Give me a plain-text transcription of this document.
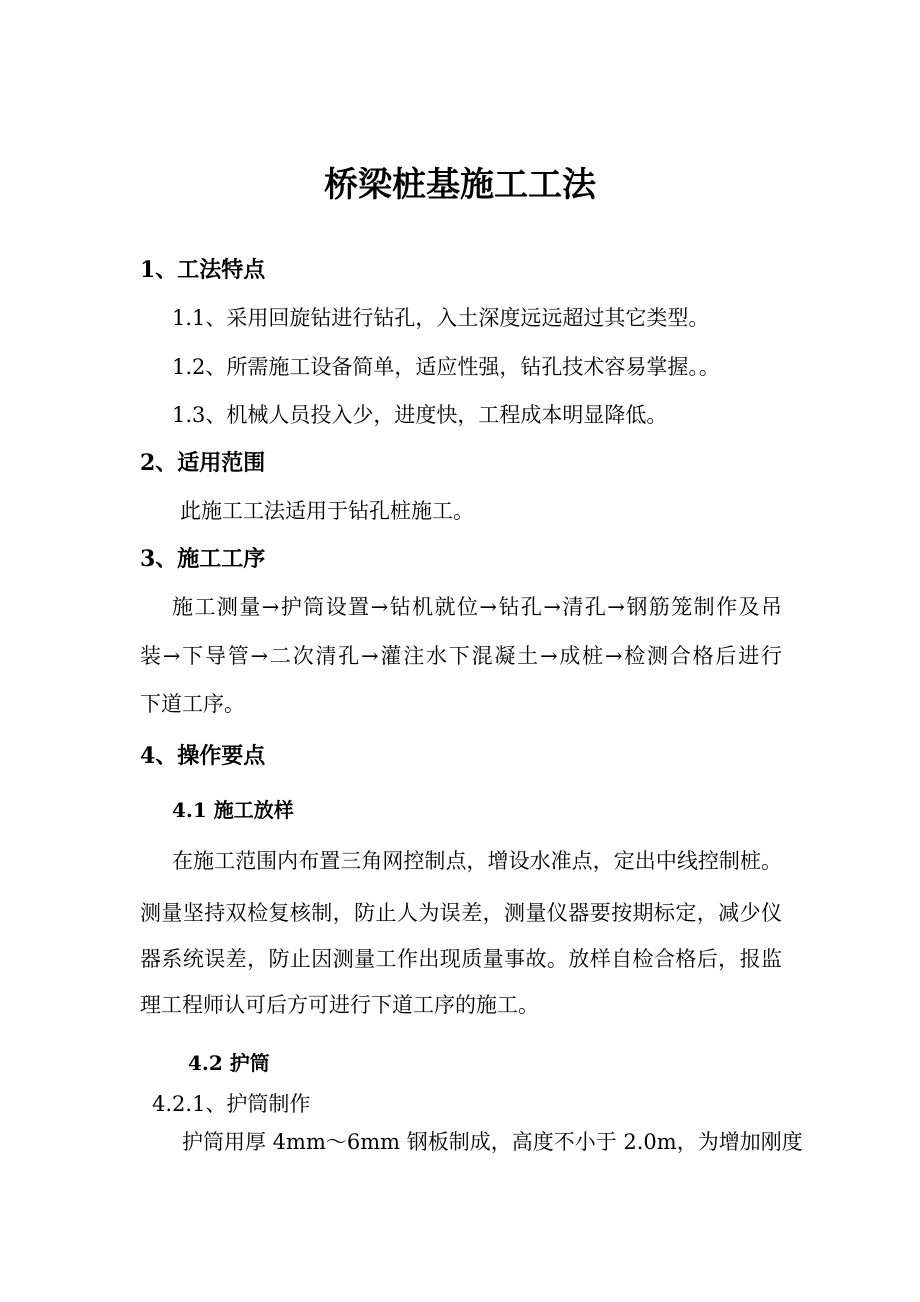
桥梁桩基施工工法
1、工法特点
1.1、采用回旋钻进行钻孔，入土深度远远超过其它类型。
1.2、所需施工设备简单，适应性强，钻孔技术容易掌握。。
1.3、机械人员投入少，进度快，工程成本明显降低。
2、适用范围
此施工工法适用于钻孔桩施工。
3、施工工序
施工测量→护筒设置→钻机就位→钻孔→清孔→钢筋笼制作及吊
装→下导管→二次清孔→灌注水下混凝土→成桩→检测合格后进行
下道工序。
4、操作要点
4.1 施工放样
在施工范围内布置三角网控制点，增设水准点，定出中线控制桩。
测量坚持双检复核制，防止人为误差，测量仪器要按期标定，减少仪
器系统误差，防止因测量工作出现质量事故。放样自检合格后，报监
理工程师认可后方可进行下道工序的施工。
4.2 护筒
4.2.1、护筒制作
护筒用厚 4mm～6mm 钢板制成，高度不小于 2.0m，为增加刚度
